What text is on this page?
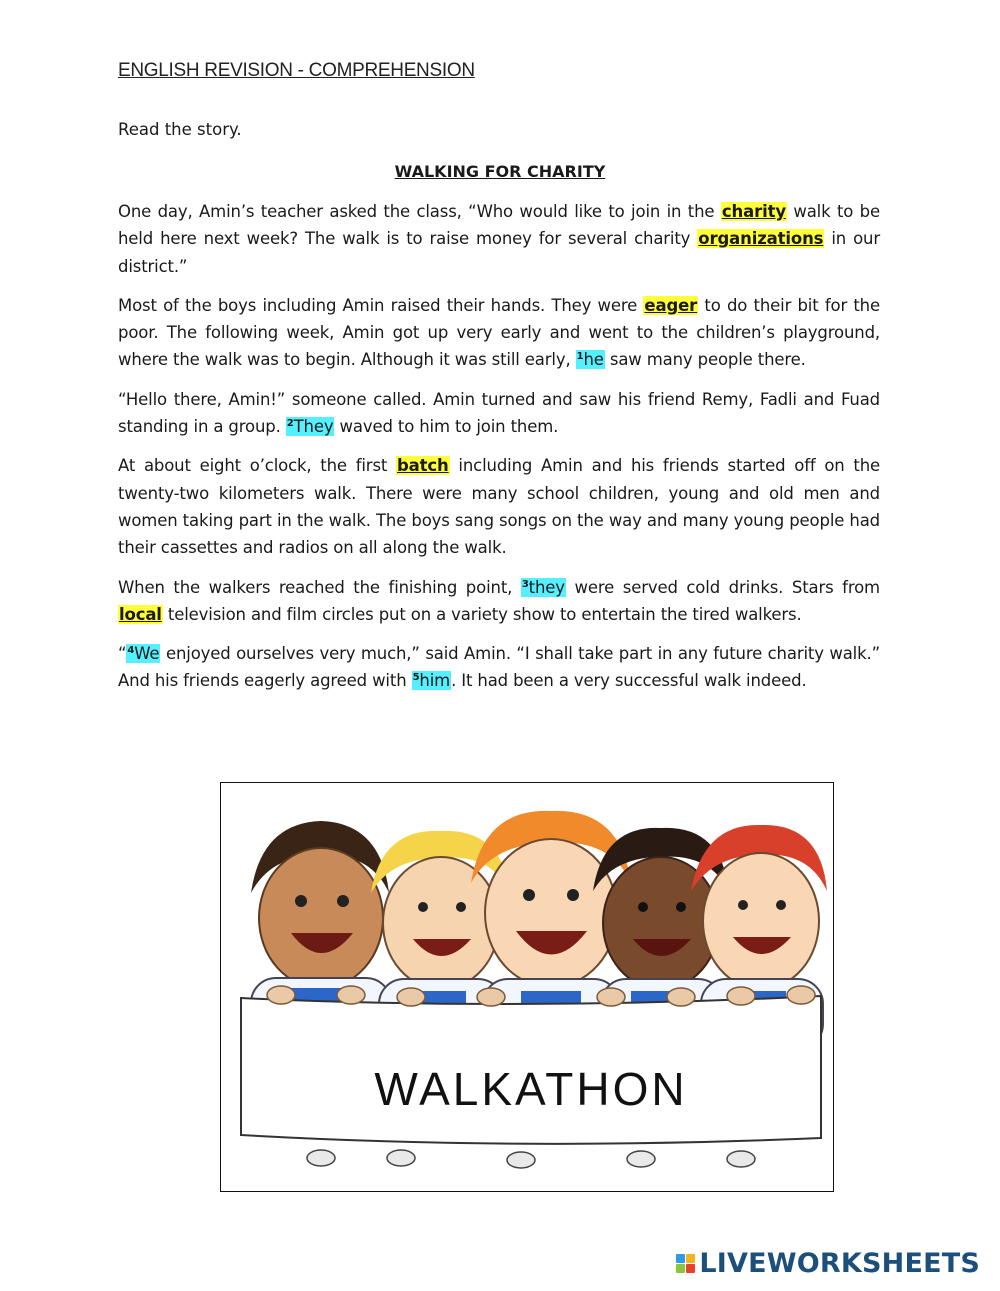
ENGLISH REVISION - COMPREHENSION
Read the story.
WALKING FOR CHARITY

One day, Amin’s teacher asked the class, “Who would like to join in the charity walk to be held here next week? The walk is to raise money for several charity organizations in our district.”

Most of the boys including Amin raised their hands. They were eager to do their bit for the poor. The following week, Amin got up very early and went to the children’s playground, where the walk was to begin. Although it was still early, $^1$he saw many people there.

“Hello there, Amin!” someone called. Amin turned and saw his friend Remy, Fadli and Fuad standing in a group. $^2$They waved to him to join them.

At about eight o’clock, the first batch including Amin and his friends started off on the twenty-two kilometers walk. There were many school children, young and old men and women taking part in the walk. The boys sang songs on the way and many young people had their cassettes and radios on all along the walk.

When the walkers reached the finishing point, $^3$they were served cold drinks. Stars from local television and film circles put on a variety show to entertain the tired walkers.

“$^4$We enjoyed ourselves very much,” said Amin. “I shall take part in any future charity walk.” And his friends eagerly agreed with $^5$him. It had been a very successful walk indeed.

WALKATHON
LIVEWORKSHEETS
